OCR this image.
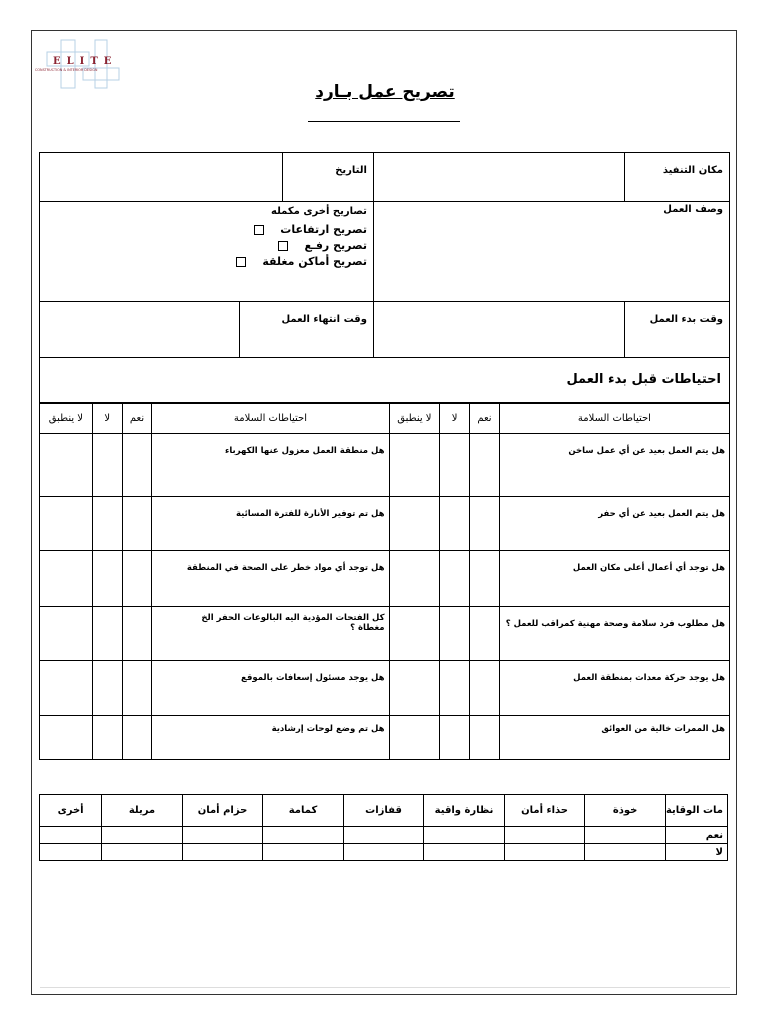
ELITE
CONSTRUCTION & INTERIOR DESIGN
تصريح عمل بـارد
مكان التنفيذ		التاريخ	

وصف العمل

تصاريح أخرى مكمله
تصريح ارتفاعات
تصريح رفـع
تصريح أماكن مغلقة

وقت بدء العمل		
وقت انتهاء العمل	

احتياطات قبل بدء العمل
احتياطات السلامة	نعم	لا	لا ينطبق	احتياطات السلامة	نعم	لا	لا ينطبق
هل يتم العمل بعيد عن أي عمل ساخن				هل منطقة العمل معزول عنها الكهرباء			
هل يتم العمل بعيد عن أي حفر				هل تم توفير الأنارة للفترة المسائية			
هل توجد أي أعمال أعلى مكان العمل				هل توجد أي مواد خطر على الصحة في المنطقة			
هل مطلوب فرد سلامة وصحة مهنية كمراقب للعمل ؟				كل الفتحات المؤدية اليه البالوعات الحفر الخ
مغطاة ؟			
هل يوجد حركة معدات بمنطقة العمل				هل يوجد مسئول إسعافات بالموقع			
هل الممرات خالية من العوائق				هل تم وضع لوحات إرشادية			
مات الوقاية	خوذة	حذاء أمان	نظارة واقية	قفازات	كمامة	حزام أمان	مريلة	أخرى
نعم								
لا								
